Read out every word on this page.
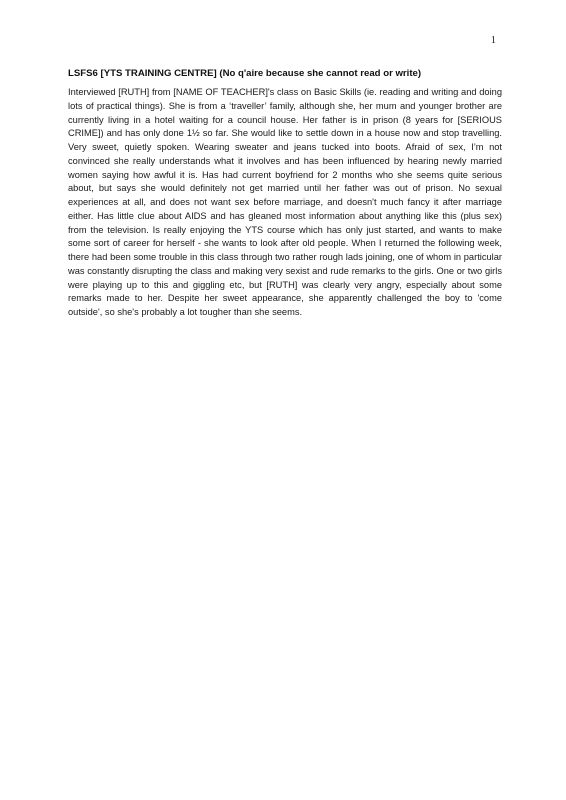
1
LSFS6 [YTS TRAINING CENTRE] (No q'aire because she cannot read or write)

Interviewed [RUTH] from [NAME OF TEACHER]'s class on Basic Skills (ie. reading and writing and doing lots of practical things). She is from a ‘traveller’ family, although she, her mum and younger brother are currently living in a hotel waiting for a council house. Her father is in prison (8 years for [SERIOUS CRIME]) and has only done 1½ so far. She would like to settle down in a house now and stop travelling. Very sweet, quietly spoken. Wearing sweater and jeans tucked into boots. Afraid of sex, I’m not convinced she really understands what it involves and has been influenced by hearing newly married women saying how awful it is. Has had current boyfriend for 2 months who she seems quite serious about, but says she would definitely not get married until her father was out of prison. No sexual experiences at all, and does not want sex before marriage, and doesn't much fancy it after marriage either. Has little clue about AIDS and has gleaned most information about anything like this (plus sex) from the television. Is really enjoying the YTS course which has only just started, and wants to make some sort of career for herself - she wants to look after old people. When I returned the following week, there had been some trouble in this class through two rather rough lads joining, one of whom in particular was constantly disrupting the class and making very sexist and rude remarks to the girls. One or two girls were playing up to this and giggling etc, but [RUTH] was clearly very angry, especially about some remarks made to her. Despite her sweet appearance, she apparently challenged the boy to 'come outside', so she's probably a lot tougher than she seems.
